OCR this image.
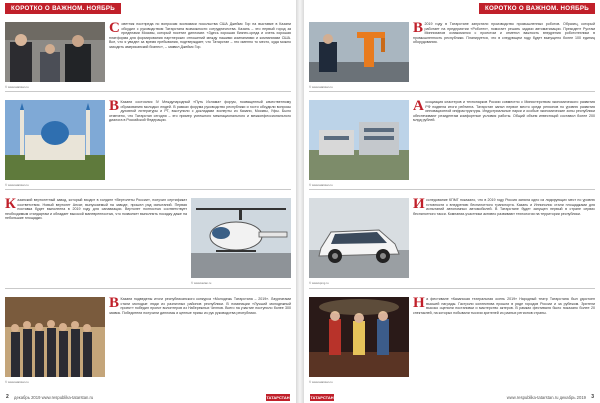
КОРОТКО О ВАЖНОМ. НОЯБРЬ
© www.tatarstan.ru
Советник постпреда по вопросам экономики посольства США Джеймс Гор на выставке в Казани обсудил с руководством Татарстана возможности сотрудничества. Казань – это первый город за пределами Москвы, который посетил дипломат. «Здесь хорошая бизнес-среда и очень хорошая платформа для формирования партнерских отношений между нашими компаниями и компаниями США. Все, что я увидел за время пребывания, подтверждает, что Татарстан – это именно то место, куда можно заходить американский бизнес», – заявил Джеймс Гор.
© www.tatarstan.ru
В Казани состоялся IV Международный «Путь Ислама» форум, посвященный качественному образованию молодых людей. В рамках форума руководство республики и гости обсудили вопросы духовной литературы и РТ, выступили с докладами эксперты из Казани, Москвы, Уфы. Было отмечено, что Татарстан сегодня – это пример успешного межнационального и межконфессионального диалога в Российской Федерации.
Казанский вертолетный завод, который входит в холдинг «Вертолеты России», получил сертификат соответствия. Новый вертолет Ансат, выпускаемый на заводе, прошел ряд испытаний. Первая поставка будет выполнена в 2019 году для санавиации. Вертолет полностью соответствует необходимым стандартам и обладает высокой маневренностью, что позволяет выполнять посадку даже на небольшие площадки.
© www.kazan.ru
© www.tatarstan.ru
В Казани подведены итоги республиканского конкурса «Молодежь Татарстана – 2019». Лауреатами стали молодые люди из различных районов республики. В номинации «Лучший молодежный проект» победил проект волонтеров из Набережных Челнов. Всего на участие поступило более 300 заявок. Победители получили дипломы и ценные призы из рук руководства республики.
2 декабрь 2019 www.respublika-tatarstan.ru	ТАТАРСТАН
КОРОТКО О ВАЖНОМ. НОЯБРЬ
© www.tatarstan.ru
В 2019 году в Татарстане запустили производство промышленных роботов. Образец, который работает на предприятии «Роботех», помогает решать задачи автоматизации. Президент Рустам Минниханов ознакомился с проектом и отметил важность внедрения робототехники в промышленность республики. Планируется, что в следующем году будет выпущено более 100 единиц оборудования.
© www.tatarstan.ru
Ассоциация кластеров и технопарков России совместно с Министерством экономического развития РФ подвела итоги рейтинга. Татарстан занял первое место среди регионов по уровню развития инновационной инфраструктуры. Индустриальные парки и особые экономические зоны республики обеспечивают резидентам комфортные условия работы. Общий объем инвестиций составил более 200 млрд рублей.
© www.kpmg.ru
Исследование КПМГ показало, что в 2019 году Россия заняла одно из лидирующих мест по уровню готовности к внедрению беспилотного транспорта. Казань и Иннополис стали площадками для испытаний автономных автомобилей. В Татарстане будет запущен первый в стране сервис беспилотного такси. Компании-участники активно развивают технологии на территории республики.
© www.tatarstan.ru
На фестивале «Казанская театральная осень 2019» Народный театр Татарстана был удостоен высшей награды. Гастроли коллектива прошли в ряде городов России и за рубежом. Зрители высоко оценили постановки и мастерство актеров. В рамках фестиваля было показано более 20 спектаклей, на которых побывали тысячи зрителей из разных регионов страны.
ТАТАРСТАН	www.respublika-tatarstan.ru декабрь 2019 3
